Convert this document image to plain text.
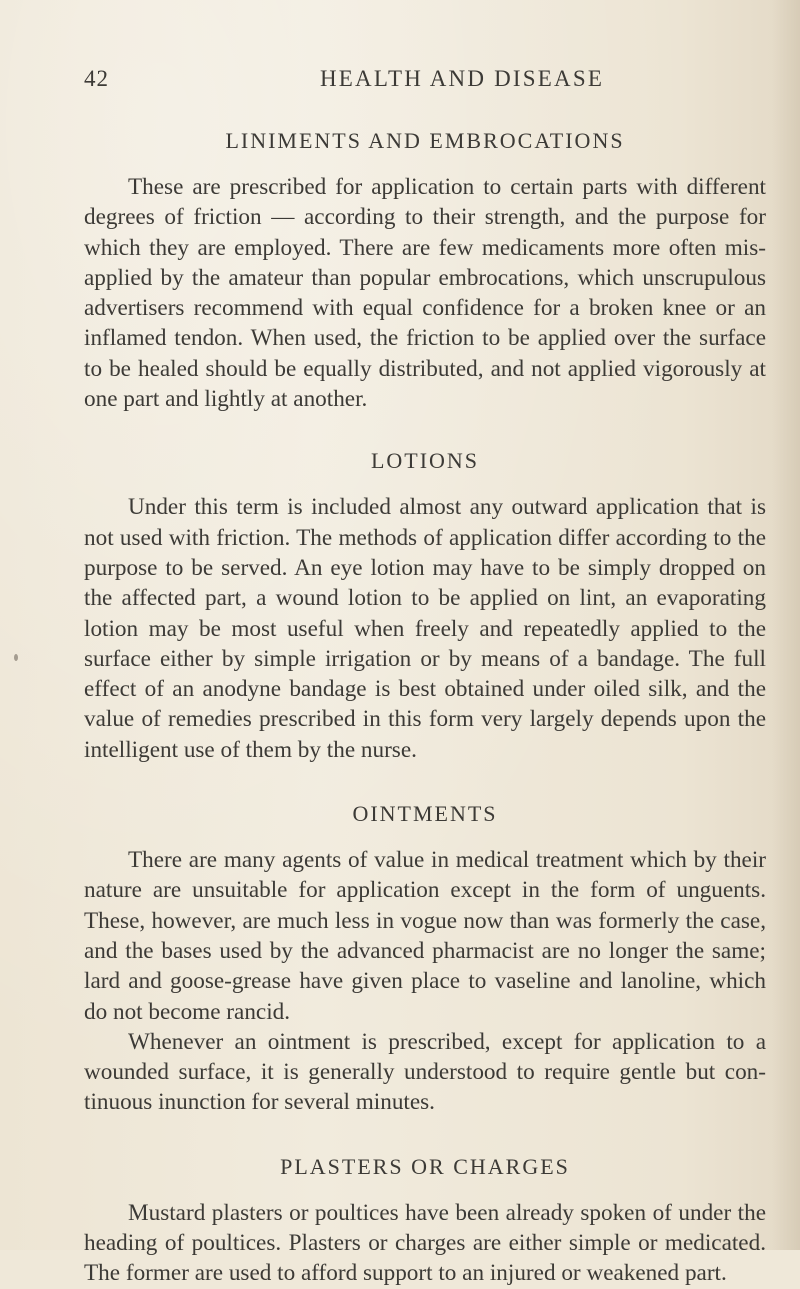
42	HEALTH AND DISEASE
LINIMENTS AND EMBROCATIONS

These are prescribed for application to certain parts with different degrees of friction — according to their strength, and the purpose for which they are employed. There are few medicaments more often mis-applied by the amateur than popular embrocations, which unscrupulous advertisers recommend with equal confidence for a broken knee or an inflamed tendon. When used, the friction to be applied over the surface to be healed should be equally distributed, and not applied vigorously at one part and lightly at another.

LOTIONS

Under this term is included almost any outward application that is not used with friction. The methods of application differ according to the purpose to be served. An eye lotion may have to be simply dropped on the affected part, a wound lotion to be applied on lint, an evaporating lotion may be most useful when freely and repeatedly applied to the surface either by simple irrigation or by means of a bandage. The full effect of an anodyne bandage is best obtained under oiled silk, and the value of remedies prescribed in this form very largely depends upon the intelligent use of them by the nurse.

OINTMENTS

There are many agents of value in medical treatment which by their nature are unsuitable for application except in the form of unguents. These, however, are much less in vogue now than was formerly the case, and the bases used by the advanced pharmacist are no longer the same; lard and goose-grease have given place to vaseline and lanoline, which do not become rancid.

Whenever an ointment is prescribed, except for application to a wounded surface, it is generally understood to require gentle but con-tinuous inunction for several minutes.

PLASTERS OR CHARGES

Mustard plasters or poultices have been already spoken of under the heading of poultices. Plasters or charges are either simple or medicated. The former are used to afford support to an injured or weakened part.
